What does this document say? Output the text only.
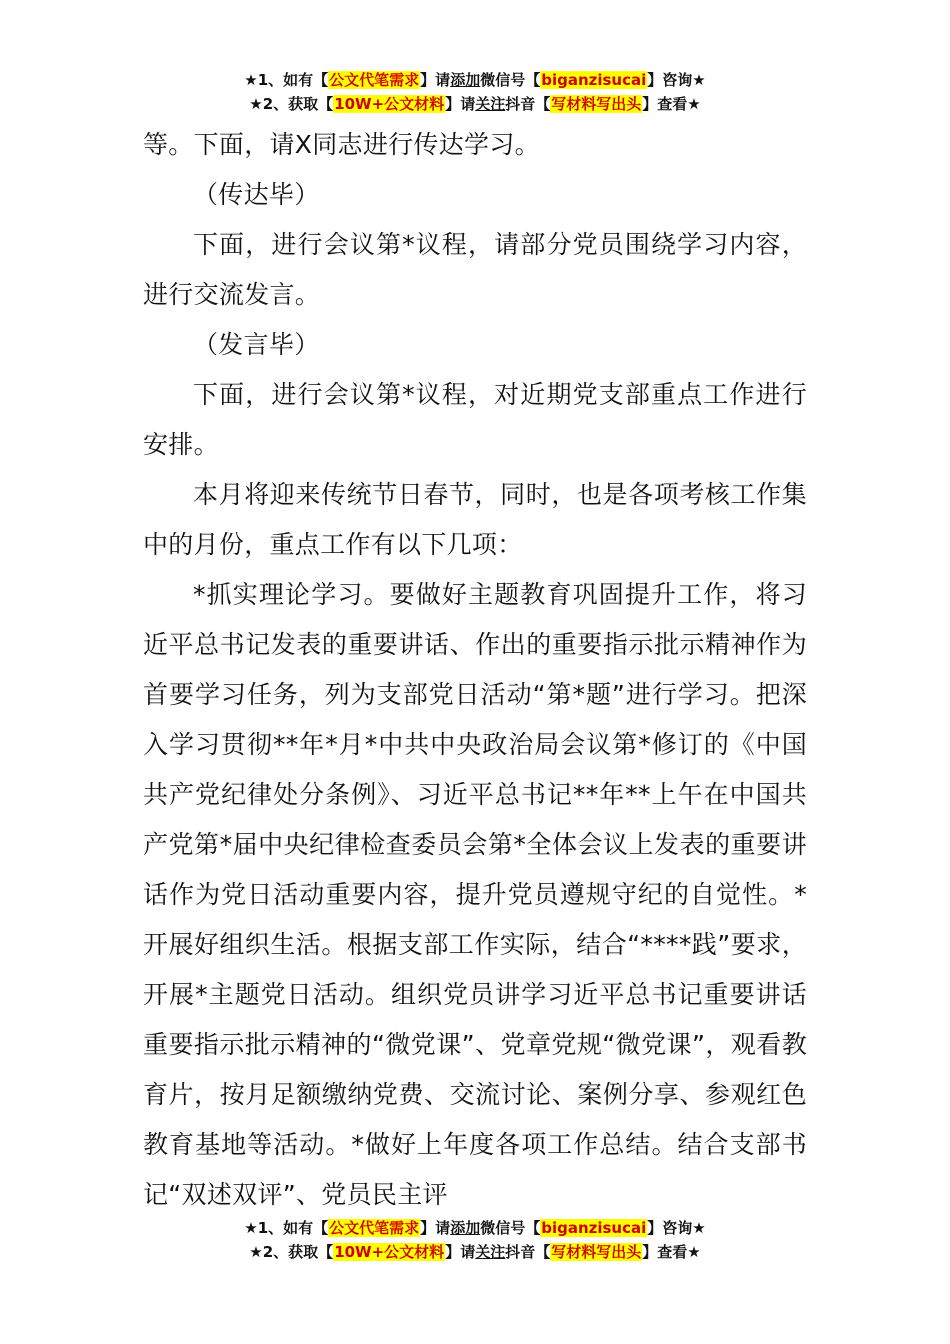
★1、如有【公文代笔需求】请添加微信号【biganzisucai】咨询★
★2、获取【10W+公文材料】请关注抖音【写材料写出头】查看★

等。下面，请X同志进行传达学习。

（传达毕）

下面，进行会议第*议程，请部分党员围绕学习内容，进行交流发言。

（发言毕）

下面，进行会议第*议程，对近期党支部重点工作进行安排。

本月将迎来传统节日春节，同时，也是各项考核工作集中的月份，重点工作有以下几项：

*抓实理论学习。要做好主题教育巩固提升工作，将习近平总书记发表的重要讲话、作出的重要指示批示精神作为首要学习任务，列为支部党日活动“第*题”进行学习。把深入学习贯彻**年*月*中共中央政治局会议第*修订的《中国共产党纪律处分条例》、习近平总书记**年**上午在中国共产党第*届中央纪律检查委员会第*全体会议上发表的重要讲话作为党日活动重要内容，提升党员遵规守纪的自觉性。*开展好组织生活。根据支部工作实际，结合“****践”要求，开展*主题党日活动。组织党员讲学习近平总书记重要讲话重要指示批示精神的“微党课”、党章党规“微党课”，观看教育片，按月足额缴纳党费、交流讨论、案例分享、参观红色教育基地等活动。*做好上年度各项工作总结。结合支部书记“双述双评”、党员民主评

★1、如有【公文代笔需求】请添加微信号【biganzisucai】咨询★
★2、获取【10W+公文材料】请关注抖音【写材料写出头】查看★
